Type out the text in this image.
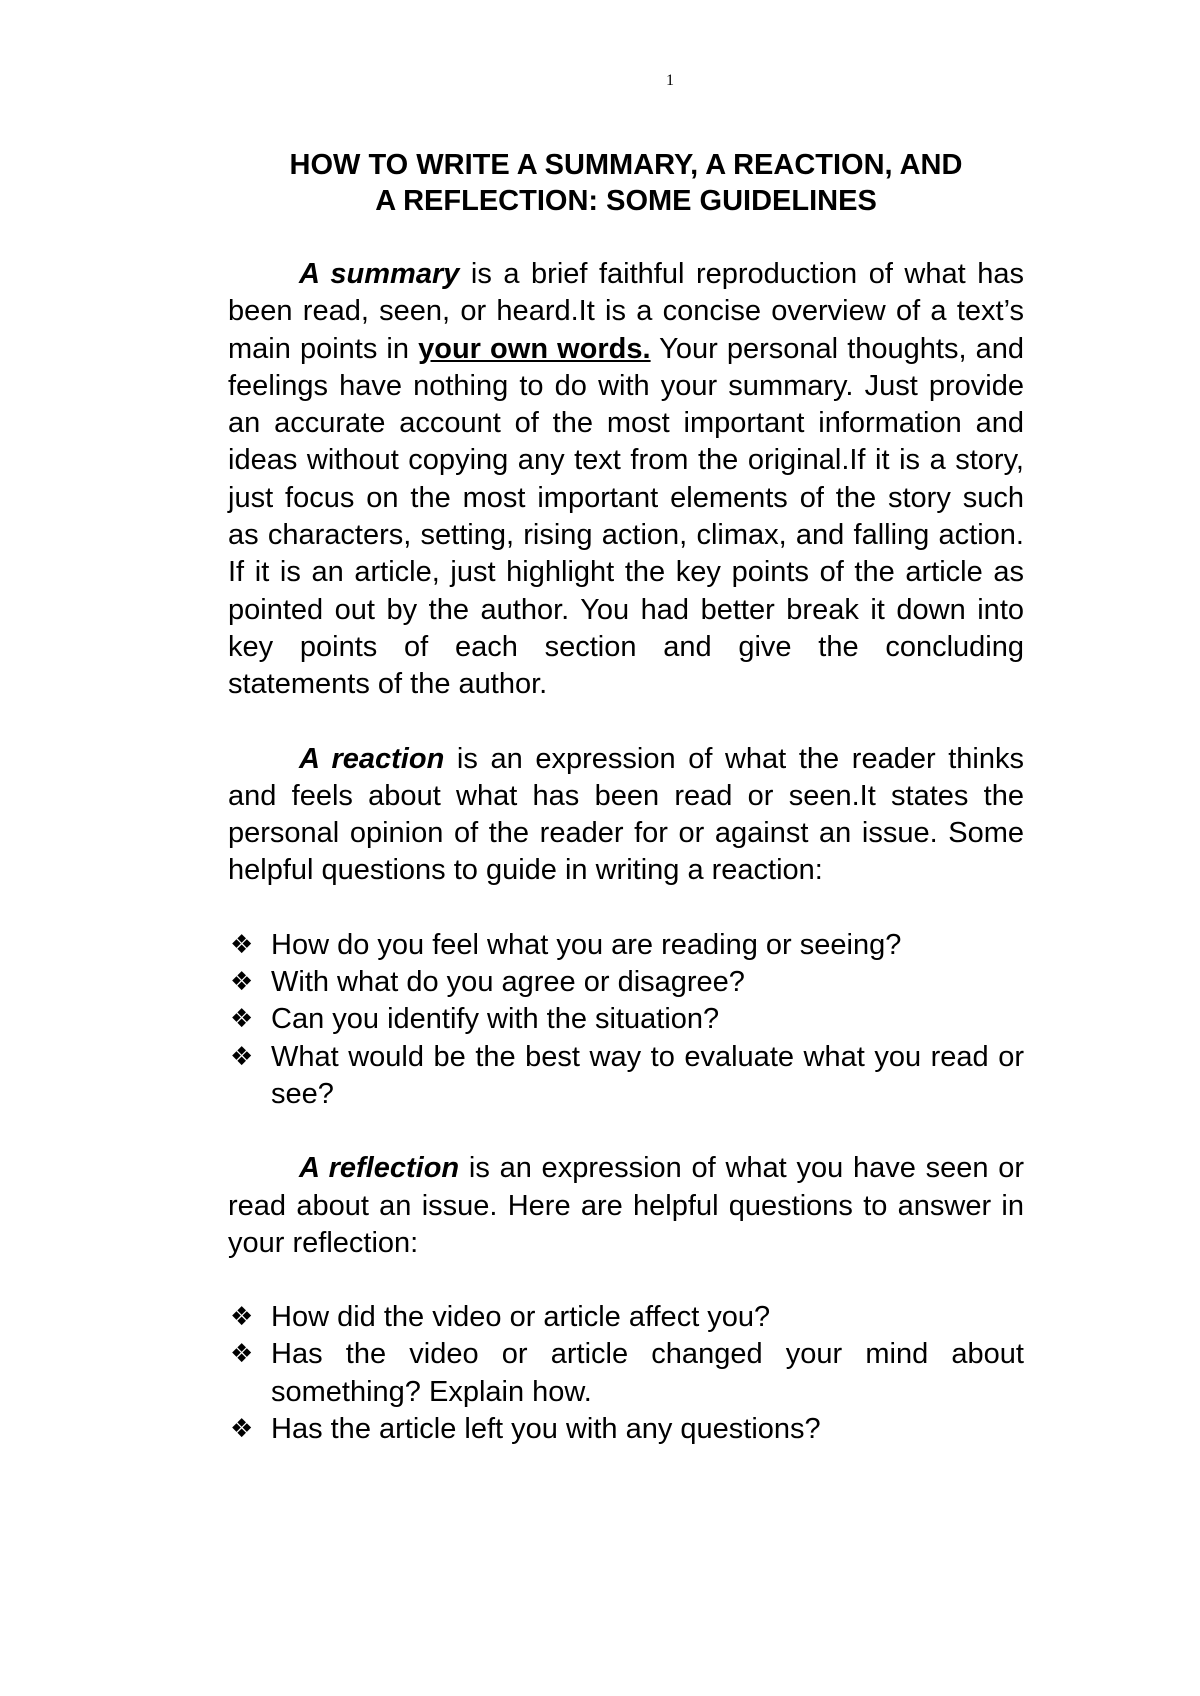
1
HOW TO WRITE A SUMMARY, A REACTION, AND
A REFLECTION: SOME GUIDELINES

A summary is a brief faithful reproduction of what has been read, seen, or heard.It is a concise overview of a text’s main points in your own words. Your personal thoughts, and feelings have nothing to do with your summary. Just provide an accurate account of the most important information and ideas without copying any text from the original.If it is a story, just focus on the most important elements of the story such as characters, setting, rising action, climax, and falling action. If it is an article, just highlight the key points of the article as pointed out by the author. You had better break it down into key points of each section and give the concluding statements of the author.

A reaction is an expression of what the reader thinks and feels about what has been read or seen.It states the personal opinion of the reader for or against an issue. Some helpful questions to guide in writing a reaction:

❖ How do you feel what you are reading or seeing?
❖ With what do you agree or disagree?
❖ Can you identify with the situation?
❖ What would be the best way to evaluate what you read or see?

A reflection is an expression of what you have seen or read about an issue. Here are helpful questions to answer in your reflection:

❖ How did the video or article affect you?
❖ Has the video or article changed your mind about something? Explain how.
❖ Has the article left you with any questions?
